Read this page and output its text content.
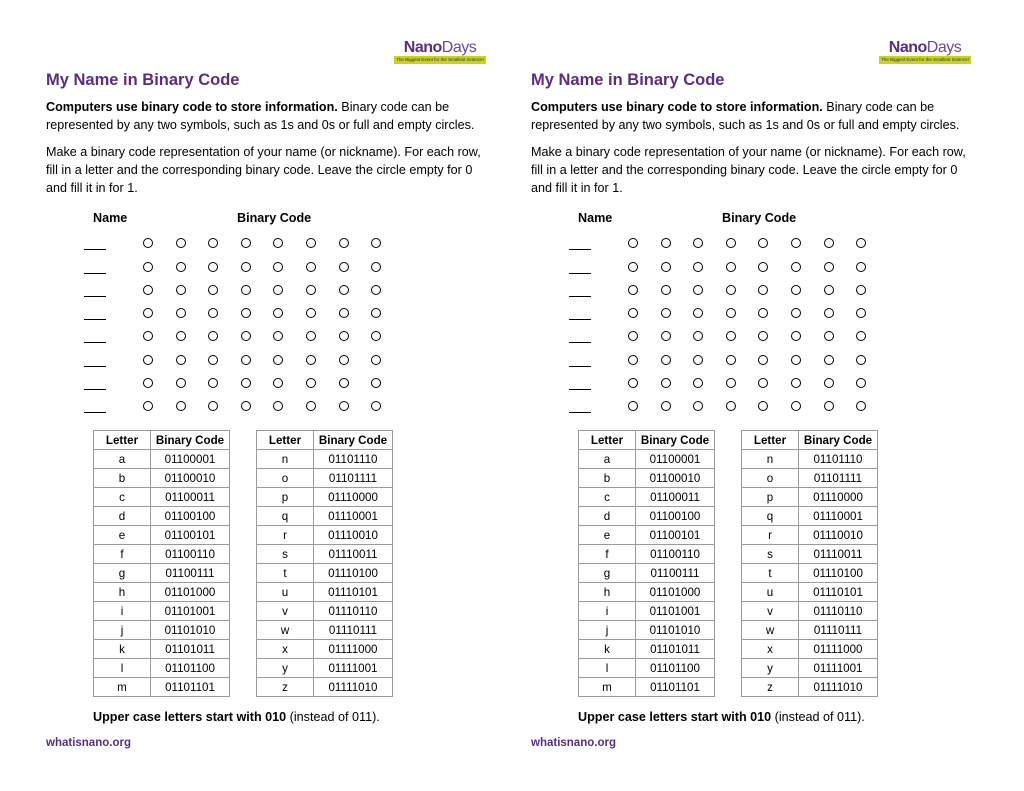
NanoDays
The Biggest Event for the Smallest Science!
My Name in Binary Code
Computers use binary code to store information. Binary code can be represented by any two symbols, such as 1s and 0s or full and empty circles.
Make a binary code representation of your name (or nickname). For each row, fill in a letter and the corresponding binary code. Leave the circle empty for 0 and fill it in for 1.
Name	Binary Code
Letter	Binary Code
a	01100001
b	01100010
c	01100011
d	01100100
e	01100101
f	01100110
g	01100111
h	01101000
i	01101001
j	01101010
k	01101011
l	01101100
m	01101101
Letter	Binary Code
n	01101110
o	01101111
p	01110000
q	01110001
r	01110010
s	01110011
t	01110100
u	01110101
v	01110110
w	01110111
x	01111000
y	01111001
z	01111010
Upper case letters start with 010 (instead of 011).
whatisnano.org
NanoDays
The Biggest Event for the Smallest Science!
My Name in Binary Code
Computers use binary code to store information. Binary code can be represented by any two symbols, such as 1s and 0s or full and empty circles.
Make a binary code representation of your name (or nickname). For each row, fill in a letter and the corresponding binary code. Leave the circle empty for 0 and fill it in for 1.
Name	Binary Code
Letter	Binary Code
a	01100001
b	01100010
c	01100011
d	01100100
e	01100101
f	01100110
g	01100111
h	01101000
i	01101001
j	01101010
k	01101011
l	01101100
m	01101101
Letter	Binary Code
n	01101110
o	01101111
p	01110000
q	01110001
r	01110010
s	01110011
t	01110100
u	01110101
v	01110110
w	01110111
x	01111000
y	01111001
z	01111010
Upper case letters start with 010 (instead of 011).
whatisnano.org
